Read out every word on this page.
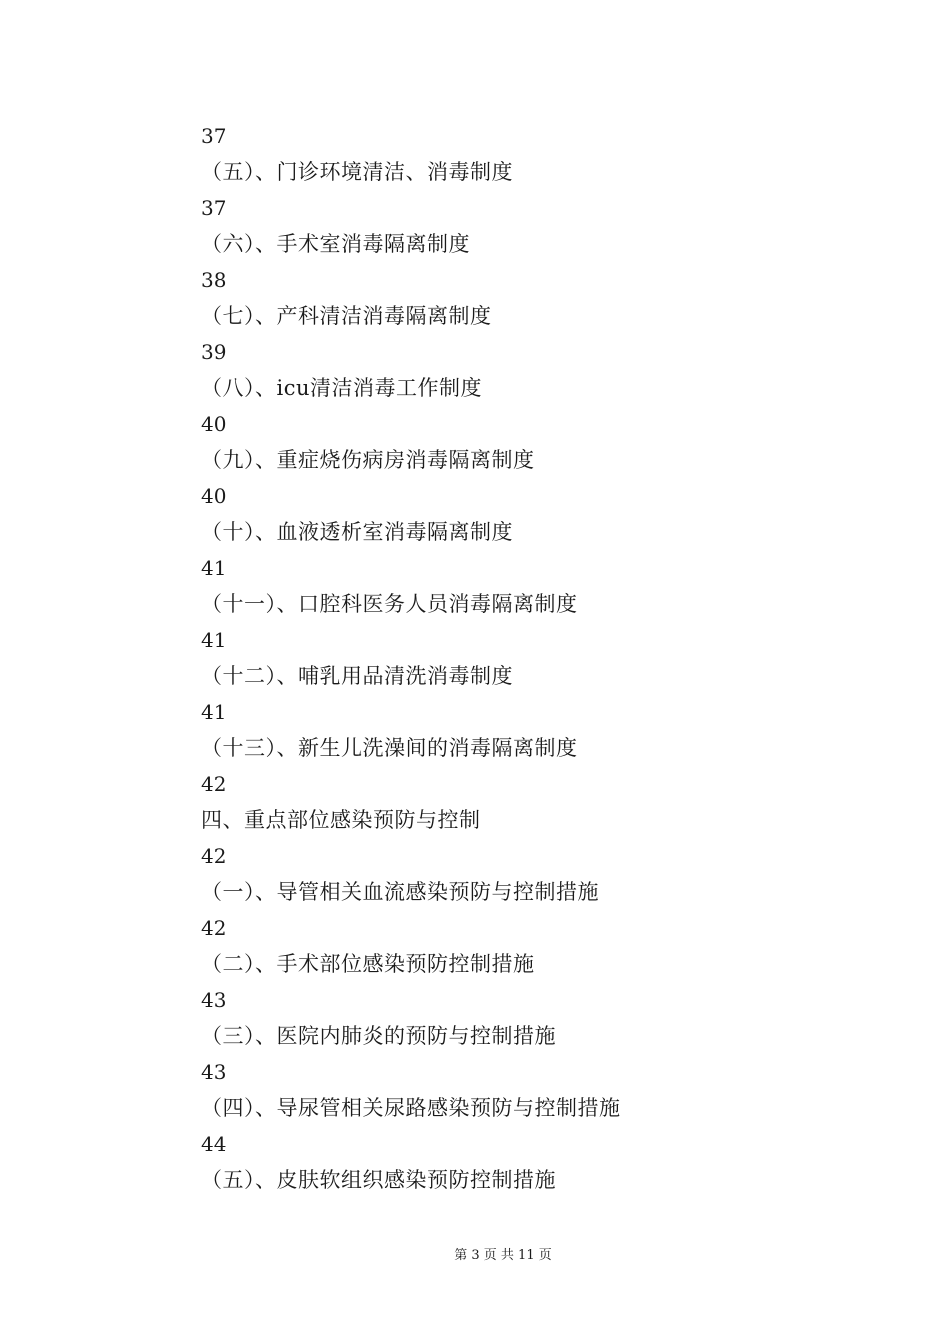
37
（五）、门诊环境清洁、消毒制度
37
（六）、手术室消毒隔离制度
38
（七）、产科清洁消毒隔离制度
39
（八）、icu清洁消毒工作制度
40
（九）、重症烧伤病房消毒隔离制度
40
（十）、血液透析室消毒隔离制度
41
（十一）、口腔科医务人员消毒隔离制度
41
（十二）、哺乳用品清洗消毒制度
41
（十三）、新生儿洗澡间的消毒隔离制度
42
四、重点部位感染预防与控制
42
（一）、导管相关血流感染预防与控制措施
42
（二）、手术部位感染预防控制措施
43
（三）、医院内肺炎的预防与控制措施
43
（四）、导尿管相关尿路感染预防与控制措施
44
（五）、皮肤软组织感染预防控制措施
第 3 页 共 11 页
